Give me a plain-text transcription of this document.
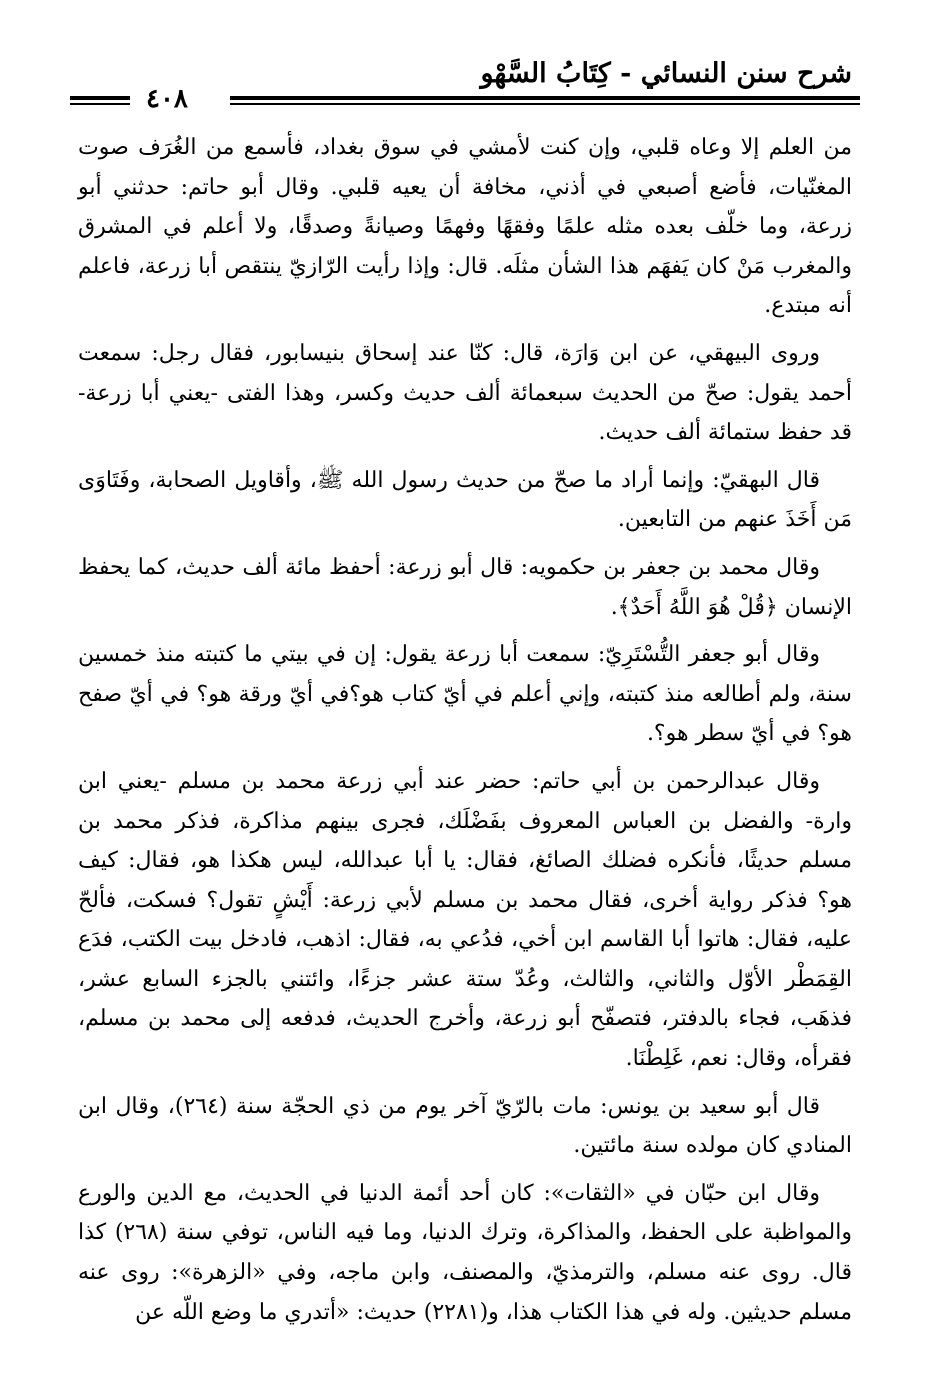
شرح سنن النسائي - كِتَابُ السَّهْو
٤٠٨

من العلم إلا وعاه قلبي، وإن كنت لأمشي في سوق بغداد، فأسمع من الغُرَف صوت المغنّيات، فأضع أصبعي في أذني، مخافة أن يعيه قلبي. وقال أبو حاتم: حدثني أبو زرعة، وما خلّف بعده مثله علمًا وفقهًا وفهمًا وصيانةً وصدقًا، ولا أعلم في المشرق والمغرب مَنْ كان يَفهَم هذا الشأن مثلَه. قال: وإذا رأيت الرّازيّ ينتقص أبا زرعة، فاعلم أنه مبتدع.

وروى البيهقي، عن ابن وَارَة، قال: كنّا عند إسحاق بنيسابور، فقال رجل: سمعت أحمد يقول: صحّ من الحديث سبعمائة ألف حديث وكسر، وهذا الفتى -يعني أبا زرعة- قد حفظ ستمائة ألف حديث.

قال البهقيّ: وإنما أراد ما صحّ من حديث رسول الله ﷺ، وأقاويل الصحابة، وفَتَاوَى مَن أَخَذَ عنهم من التابعين.

وقال محمد بن جعفر بن حكمويه: قال أبو زرعة: أحفظ مائة ألف حديث، كما يحفظ الإنسان ﴿قُلْ هُوَ اللَّهُ أَحَدٌ﴾.

وقال أبو جعفر التُّسْتَرِيّ: سمعت أبا زرعة يقول: إن في بيتي ما كتبته منذ خمسين سنة، ولم أطالعه منذ كتبته، وإني أعلم في أيّ كتاب هو؟في أيّ ورقة هو؟ في أيّ صفح هو؟ في أيّ سطر هو؟.

وقال عبدالرحمن بن أبي حاتم: حضر عند أبي زرعة محمد بن مسلم -يعني ابن وارة- والفضل بن العباس المعروف بفَضْلَك، فجرى بينهم مذاكرة، فذكر محمد بن مسلم حديثًا، فأنكره فضلك الصائغ، فقال: يا أبا عبدالله، ليس هكذا هو، فقال: كيف هو؟ فذكر رواية أخرى، فقال محمد بن مسلم لأبي زرعة: أَيْشٍ تقول؟ فسكت، فألحّ عليه، فقال: هاتوا أبا القاسم ابن أخي، فدُعي به، فقال: اذهب، فادخل بيت الكتب، فدَع القِمَطْر الأوّل والثاني، والثالث، وعُدّ ستة عشر جزءًا، وائتني بالجزء السابع عشر، فذهَب، فجاء بالدفتر، فتصفّح أبو زرعة، وأخرج الحديث، فدفعه إلى محمد بن مسلم، فقرأه، وقال: نعم، غَلِطْنَا.

قال أبو سعيد بن يونس: مات بالرّيّ آخر يوم من ذي الحجّة سنة (٢٦٤)، وقال ابن المنادي كان مولده سنة مائتين.

وقال ابن حبّان في «الثقات»: كان أحد أئمة الدنيا في الحديث، مع الدين والورع والمواظبة على الحفظ، والمذاكرة، وترك الدنيا، وما فيه الناس، توفي سنة (٢٦٨) كذا قال. روى عنه مسلم، والترمذيّ، والمصنف، وابن ماجه، وفي «الزهرة»: روى عنه مسلم حديثين. وله في هذا الكتاب هذا، و(٢٢٨١) حديث: «أتدري ما وضع اللّه عن
